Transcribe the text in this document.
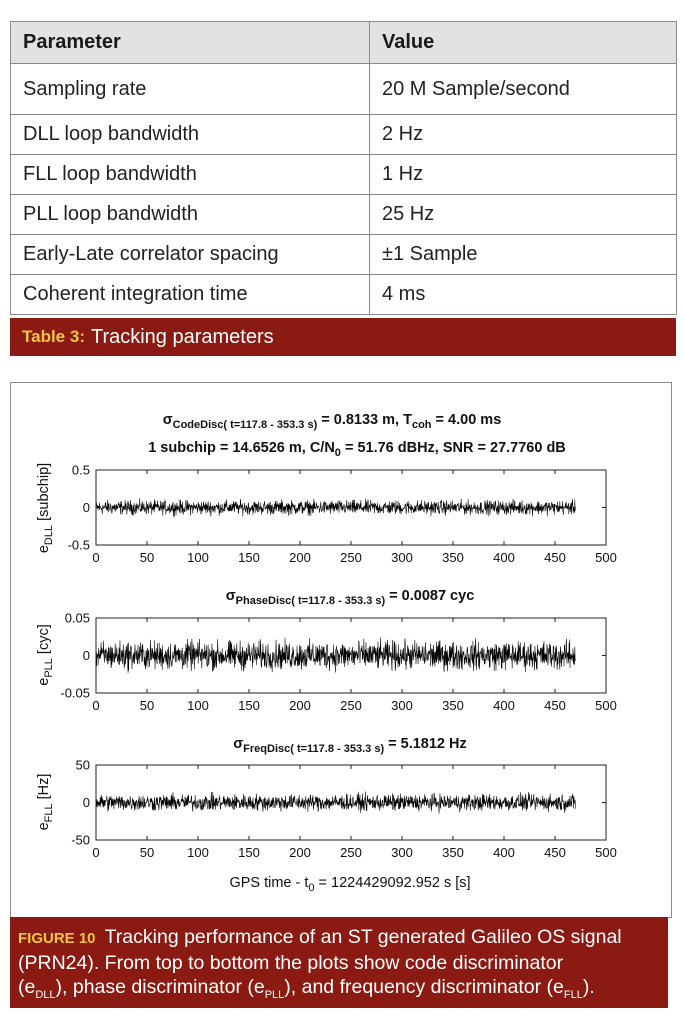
Parameter	Value
Sampling rate	20 M Sample/second
DLL loop bandwidth	2 Hz
FLL loop bandwidth	1 Hz
PLL loop bandwidth	25 Hz
Early-Late correlator spacing	±1 Sample
Coherent integration time	4 ms
Table 3: Tracking parameters
$\sigma_{CodeDisc( t=117.8 - 353.3 s)} = 0.8133$ m, $T_{coh} = 4.00$ ms
1 subchip = 14.6526 m, $C/N_0 = 51.76$ dBHz, SNR = 27.7760 dB
$e_{DLL}$ [subchip]
0	50	100 150 200 250 300 350 400 450 500
0.5
0
-0.5
$\sigma_{PhaseDisc( t=117.8 - 353.3 s)} = 0.0087$ cyc
$e_{PLL}$ [cyc]
0	50	100 150 200 250 300 350 400 450 500
0.05
0
-0.05
$\sigma_{FreqDisc( t=117.8 - 353.3 s)} = 5.1812$ Hz
$e_{FLL}$ [Hz]
0	50	100 150 200 250 300 350 400 450 500
50
0
-50
GPS time - $t_0 = 1224429092.952$ s [s]
FIGURE 10 Tracking performance of an ST generated Galileo OS signal
(PRN24). From top to bottom the plots show code discriminator
$(e_{DLL})$, phase discriminator $(e_{PLL})$, and frequency discriminator $(e_{FLL})$.
